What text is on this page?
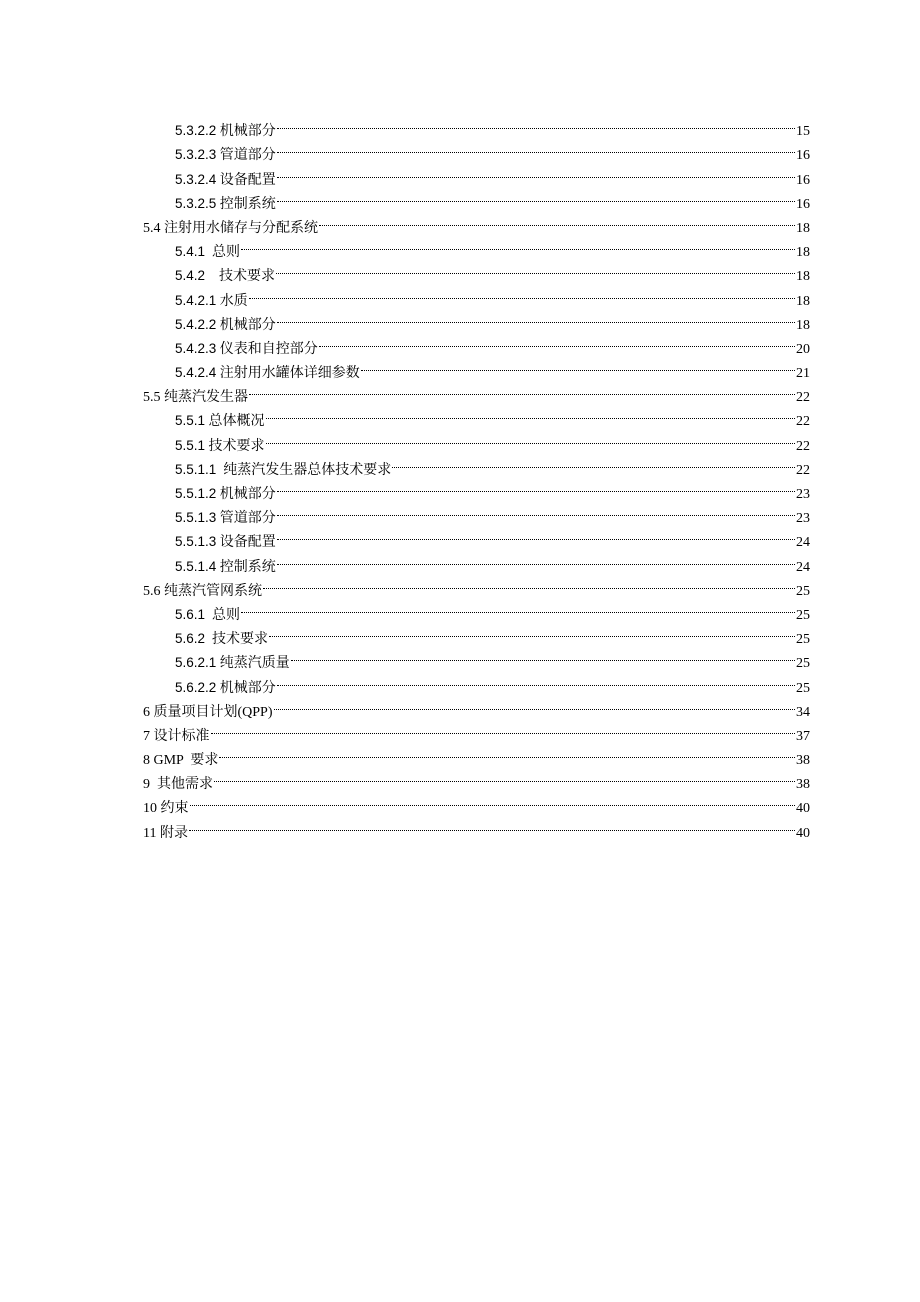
5.3.2.2 机械部分	15
5.3.2.3 管道部分	16
5.3.2.4 设备配置	16
5.3.2.5 控制系统	16
5.4 注射用水储存与分配系统	18
5.4.1 总则	18
5.4.2 技术要求	18
5.4.2.1 水质	18
5.4.2.2 机械部分	18
5.4.2.3 仪表和自控部分	20
5.4.2.4 注射用水罐体详细参数	21
5.5 纯蒸汽发生器	22
5.5.1 总体概况	22
5.5.1 技术要求	22
5.5.1.1 纯蒸汽发生器总体技术要求	22
5.5.1.2 机械部分	23
5.5.1.3 管道部分	23
5.5.1.3 设备配置	24
5.5.1.4 控制系统	24
5.6 纯蒸汽管网系统	25
5.6.1 总则	25
5.6.2 技术要求	25
5.6.2.1 纯蒸汽质量	25
5.6.2.2 机械部分	25
6 质量项目计划(QPP)	34
7 设计标准	37
8 GMP  要求	38
9 其他需求	38
10 约束	40
11 附录	40
